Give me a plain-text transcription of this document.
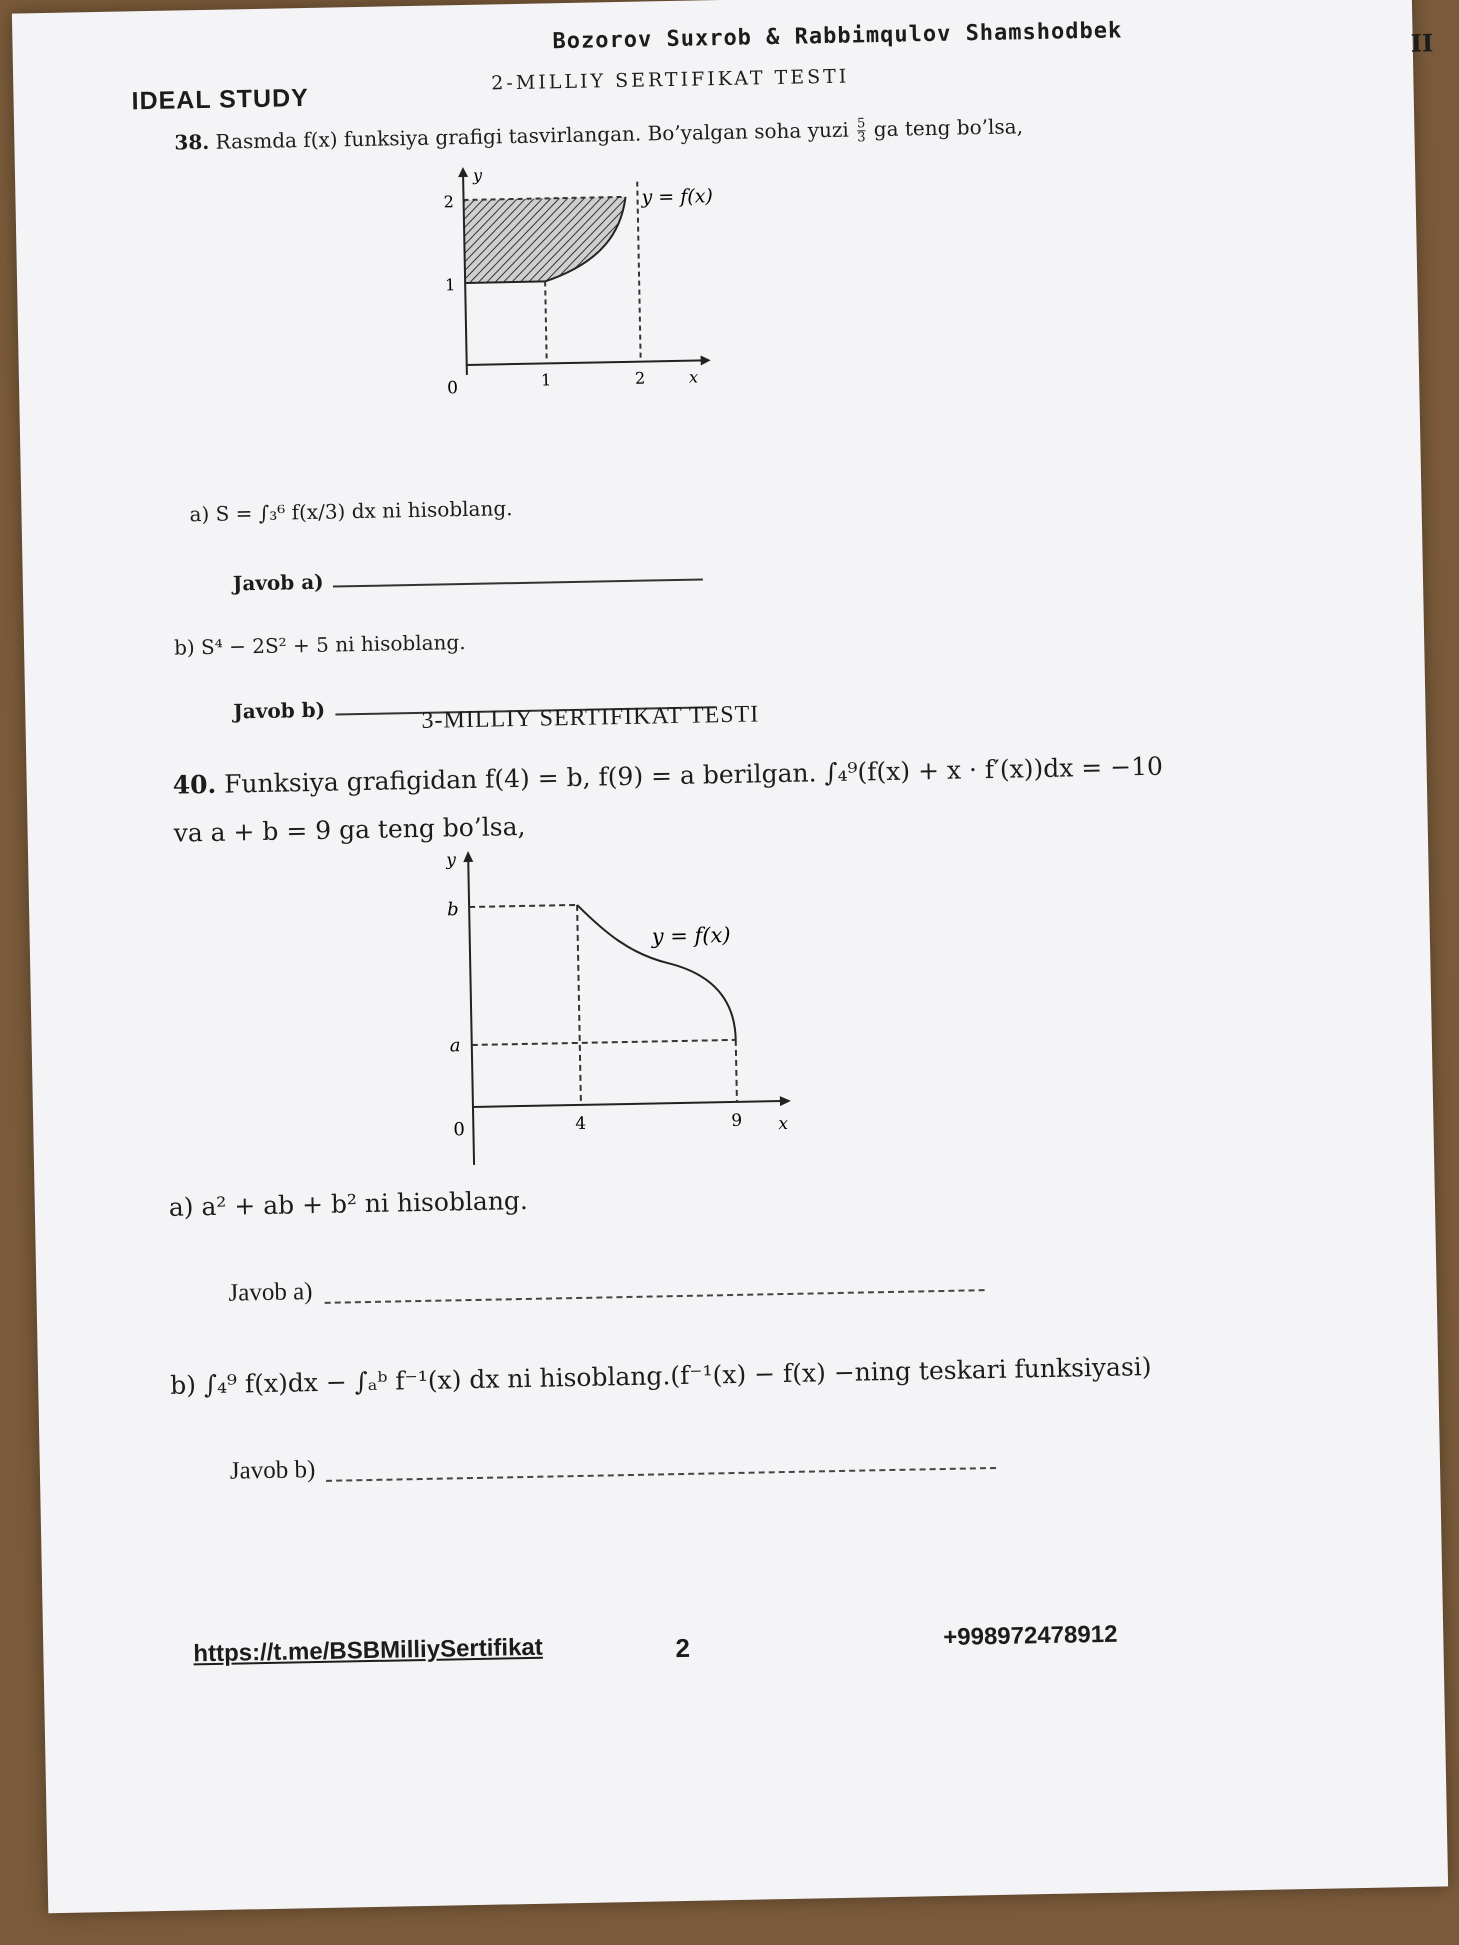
Bozorov Suxrob & Rabbimqulov Shamshodbek
2-MILLIY SERTIFIKAT TESTI
IDEAL STUDY
II
38. Rasmda f(x) funksiya grafigi tasvirlangan. Bo’yalgan soha yuzi $\frac{5}{3}$ ga teng bo’lsa,
y
y = f(x)
2
1
0	1	2	x
a) S = ∫₃⁶ f(x/3) dx ni hisoblang.
Javob a)
b) S⁴ − 2S² + 5 ni hisoblang.
Javob b)	3-MILLIY SERTIFIKAT TESTI
40. Funksiya grafigidan f(4) = b, f(9) = a berilgan. ∫₄⁹(f(x) + x · f′(x))dx = −10
va a + b = 9 ga teng bo’lsa,
y
b
y = f(x)
a
0	4	9 x
a) a² + ab + b² ni hisoblang.
Javob a)
b) ∫₄⁹ f(x)dx − ∫ₐᵇ f⁻¹(x) dx ni hisoblang.(f⁻¹(x) − f(x) −ning teskari funksiyasi)
Javob b)
https://t.me/BSBMilliySertifikat	2	+998972478912
